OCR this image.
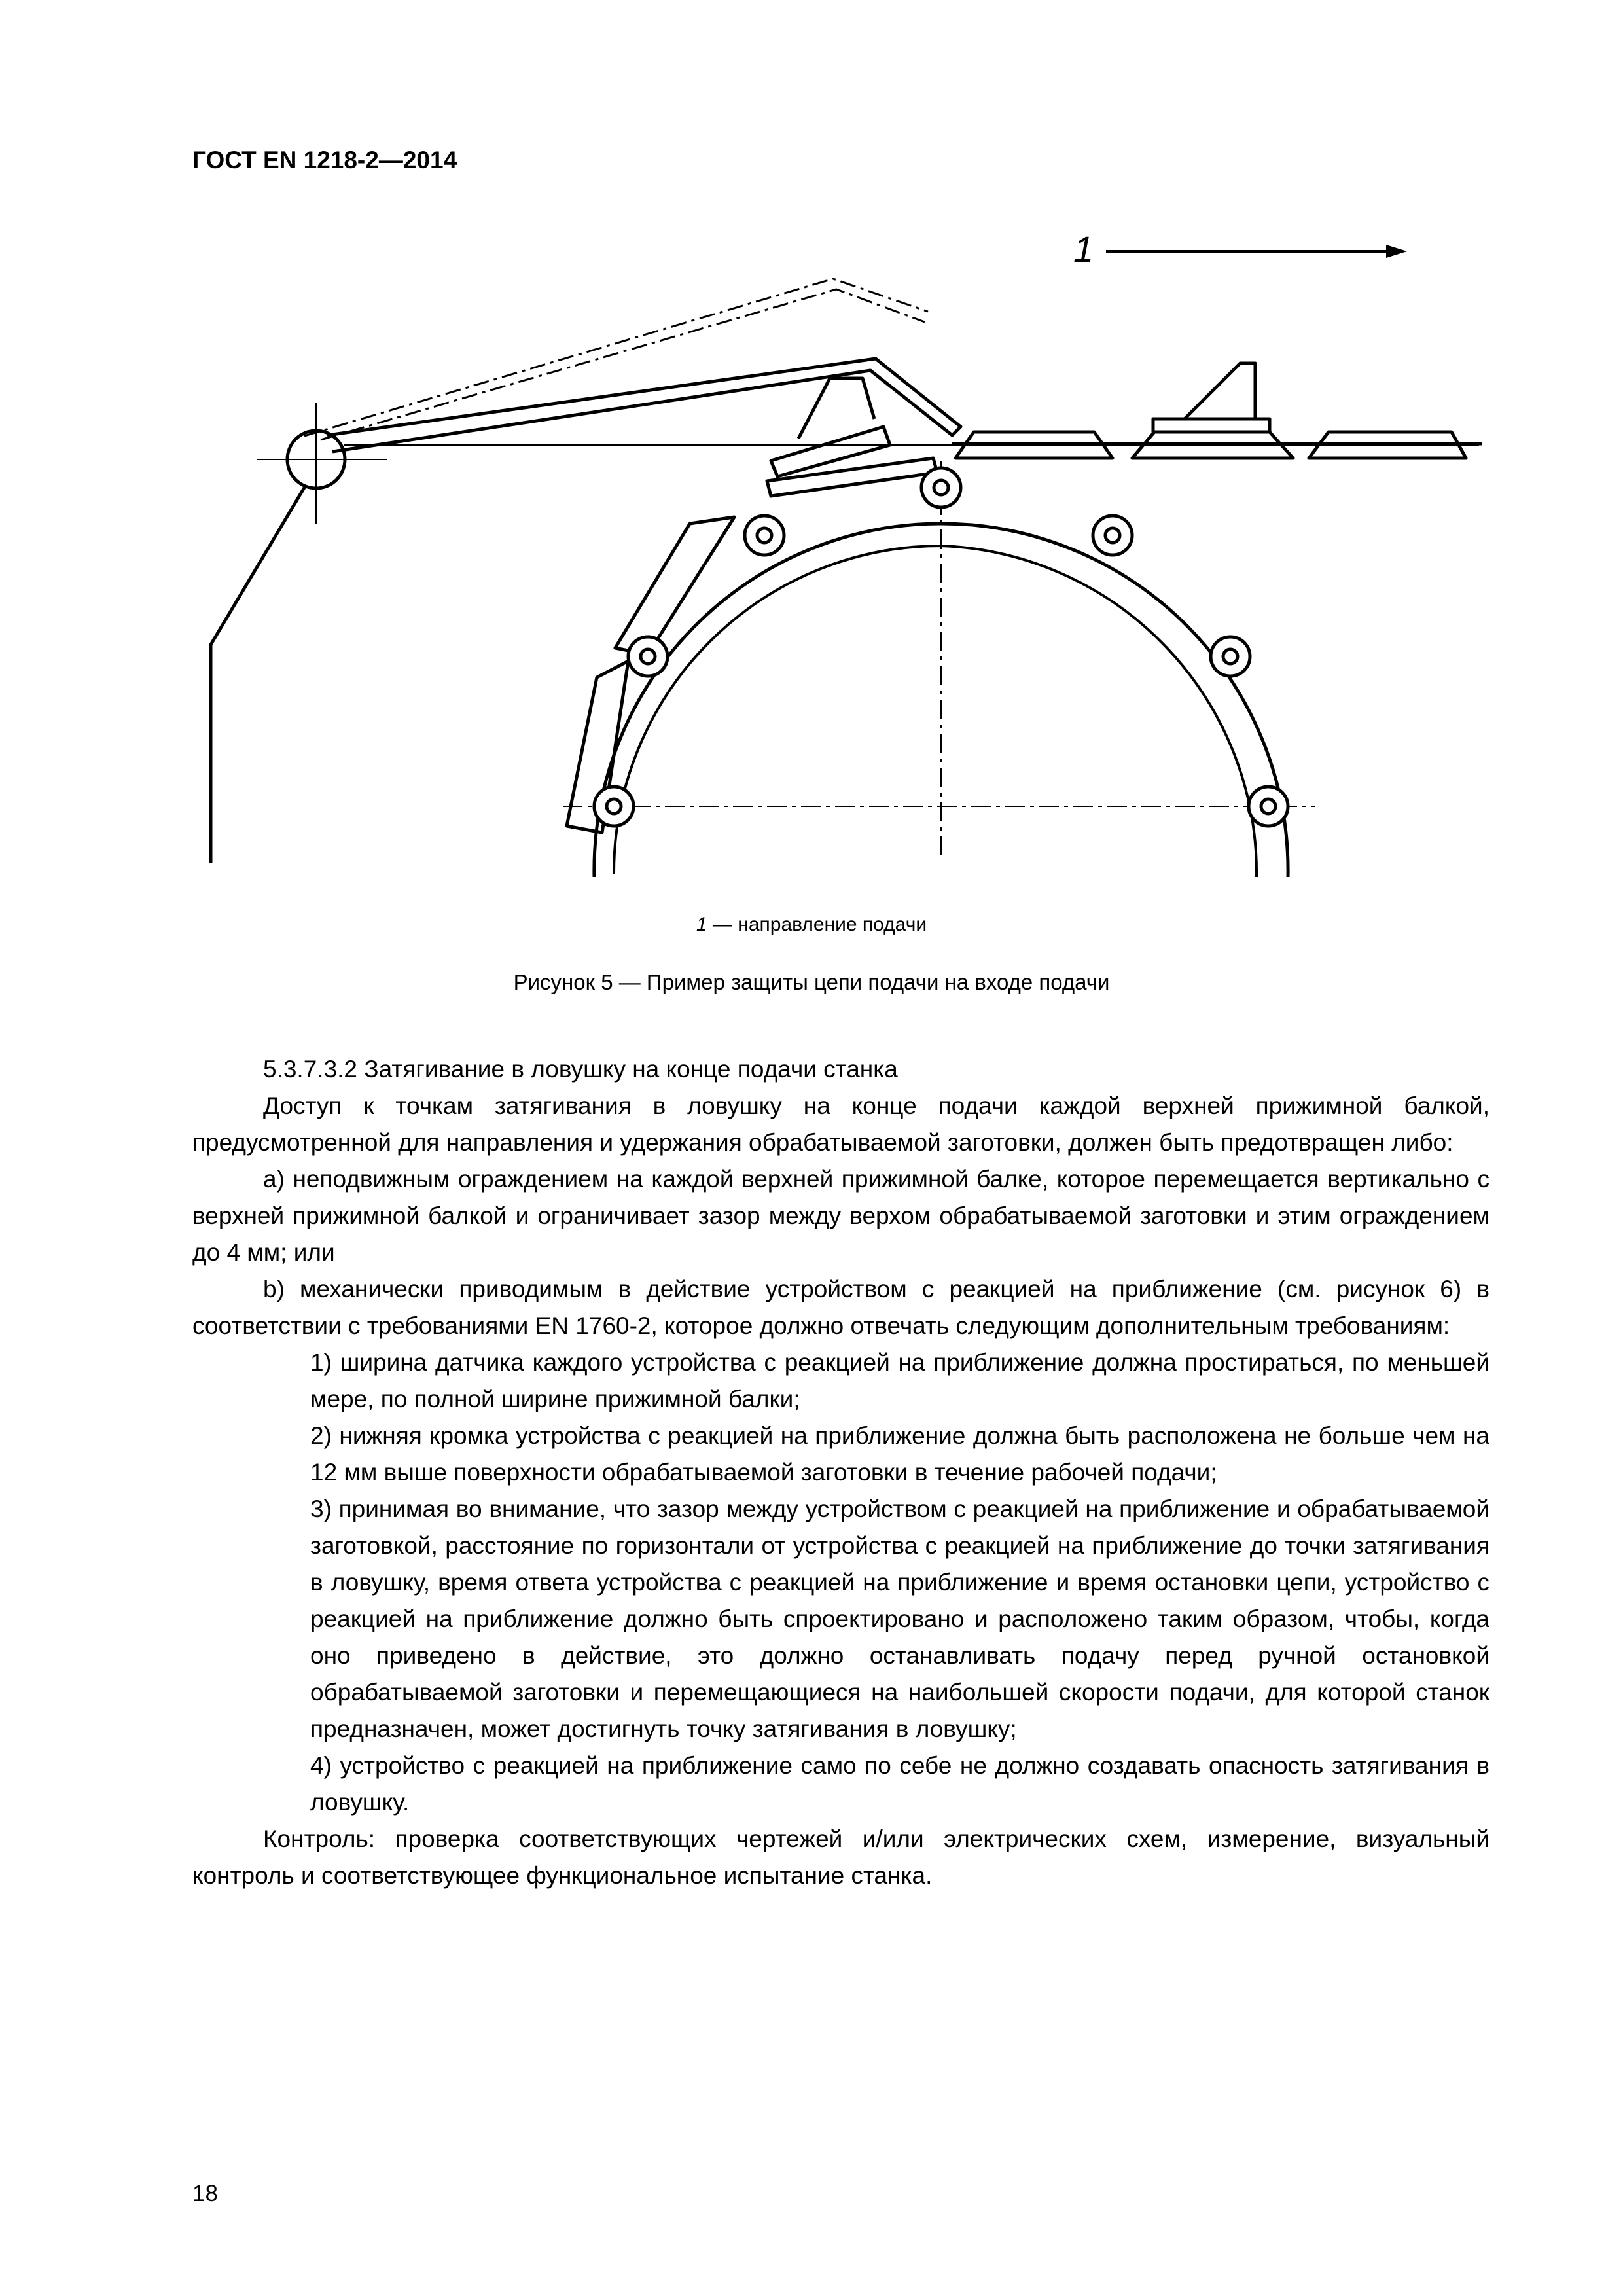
ГОСТ EN 1218-2—2014
1
1 — направление подачи
Рисунок 5 — Пример защиты цепи подачи на входе подачи

5.3.7.3.2 Затягивание в ловушку на конце подачи станка

Доступ к точкам затягивания в ловушку на конце подачи каждой верхней прижимной балкой, предусмотренной для направления и удержания обрабатываемой заготовки, должен быть предотвращен либо:

a) неподвижным ограждением на каждой верхней прижимной балке, которое перемещается вертикально с верхней прижимной балкой и ограничивает зазор между верхом обрабатываемой заготовки и этим ограждением до 4 мм; или

b) механически приводимым в действие устройством с реакцией на приближение (см. рисунок 6) в соответствии с требованиями EN 1760-2, которое должно отвечать следующим дополнительным требованиям:

1) ширина датчика каждого устройства с реакцией на приближение должна простираться, по меньшей мере, по полной ширине прижимной балки;

2) нижняя кромка устройства с реакцией на приближение должна быть расположена не больше чем на 12 мм выше поверхности обрабатываемой заготовки в течение рабочей подачи;

3) принимая во внимание, что зазор между устройством с реакцией на приближение и обрабатываемой заготовкой, расстояние по горизонтали от устройства с реакцией на приближение до точки затягивания в ловушку, время ответа устройства с реакцией на приближение и время остановки цепи, устройство с реакцией на приближение должно быть спроектировано и расположено таким образом, чтобы, когда оно приведено в действие, это должно останавливать подачу перед ручной остановкой обрабатываемой заготовки и перемещающиеся на наибольшей скорости подачи, для которой станок предназначен, может достигнуть точку затягивания в ловушку;

4) устройство с реакцией на приближение само по себе не должно создавать опасность затягивания в ловушку.

Контроль: проверка соответствующих чертежей и/или электрических схем, измерение, визуальный контроль и соответствующее функциональное испытание станка.

18
